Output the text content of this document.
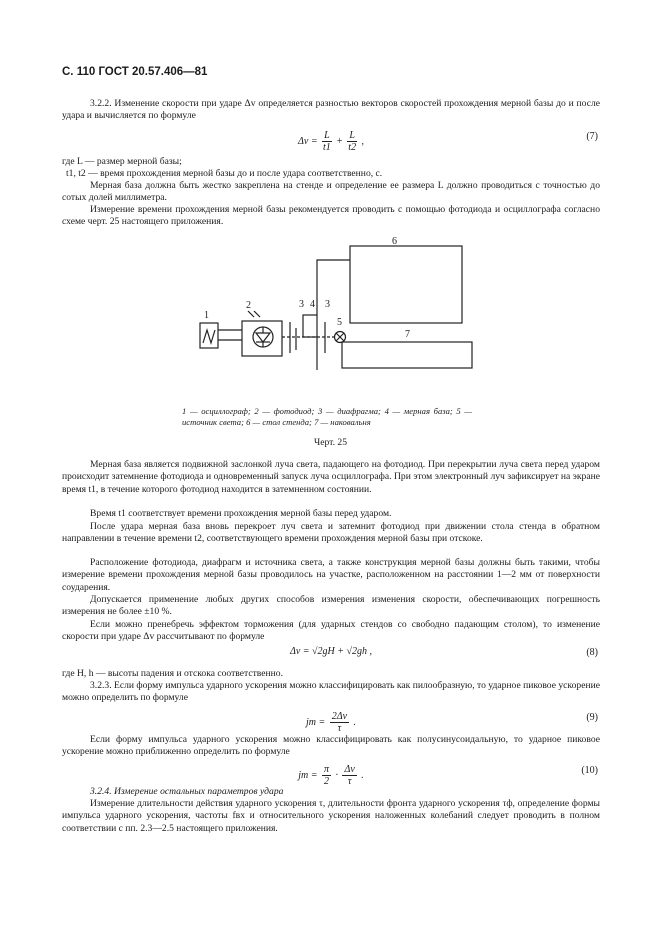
С. 110 ГОСТ 20.57.406—81

3.2.2. Изменение скорости при ударе Δv определяется разностью векторов скоростей прохождения мерной базы до и после удара и вычисляется по формуле

$\Delta v = \frac{L}{t1} + \frac{L}{t2}$ ,	(7)

где L — размер мерной базы;

t1, t2 — время прохождения мерной базы до и после удара соответственно, с.

Мерная база должна быть жестко закреплена на стенде и определение ее размера L должно проводиться с точностью до сотых долей миллиметра.

Измерение времени прохождения мерной базы рекомендуется проводить с помощью фотодиода и осциллографа согласно схеме черт. 25 настоящего приложения.

1
2	3 4 3
5
6
7
1 — осциллограф; 2 — фотодиод; 3 — диафрагма; 4 — мерная база; 5 — источник света; 6 — стол стенда; 7 — наковальня
Черт. 25

Мерная база является подвижной заслонкой луча света, падающего на фотодиод. При перекрытии луча света перед ударом происходит затемнение фотодиода и одновременный запуск луча осциллографа. При этом электронный луч зафиксирует на экране время t1, в течение которого фотодиод находится в затемненном состоянии.

Время t1 соответствует времени прохождения мерной базы перед ударом.

После удара мерная база вновь перекроет луч света и затемнит фотодиод при движении стола стенда в обратном направлении в течение времени t2, соответствующего времени прохождения мерной базы при отскоке.

Расположение фотодиода, диафрагм и источника света, а также конструкция мерной базы должны быть такими, чтобы измерение времени прохождения мерной базы проводилось на участке, расположенном на расстоянии 1—2 мм от поверхности соударения.

Допускается применение любых других способов измерения изменения скорости, обеспечивающих погрешность измерения не более ±10 %.

Если можно пренебречь эффектом торможения (для ударных стендов со свободно падающим столом), то изменение скорости при ударе Δv рассчитывают по формуле

Δv = √2gH + √2gh ,	(8)

где H, h — высоты падения и отскока соответственно.

3.2.3. Если форму импульса ударного ускорения можно классифицировать как пилообразную, то ударное пиковое ускорение можно определить по формуле

jm = $\frac{2\Delta v}{\tau}$ .	(9)

Если форму импульса ударного ускорения можно классифицировать как полусинусоидальную, то ударное пиковое ускорение можно приближенно определить по формуле

jm = $\frac{\pi}{2} \cdot \frac{\Delta v}{\tau}$ .	(10)

3.2.4. Измерение остальных параметров удара

Измерение длительности действия ударного ускорения τ, длительности фронта ударного ускорения τф, определение формы импульса ударного ускорения, частоты fвх и относительного ускорения наложенных колебаний следует проводить в полном соответствии с пп. 2.3—2.5 настоящего приложения.
